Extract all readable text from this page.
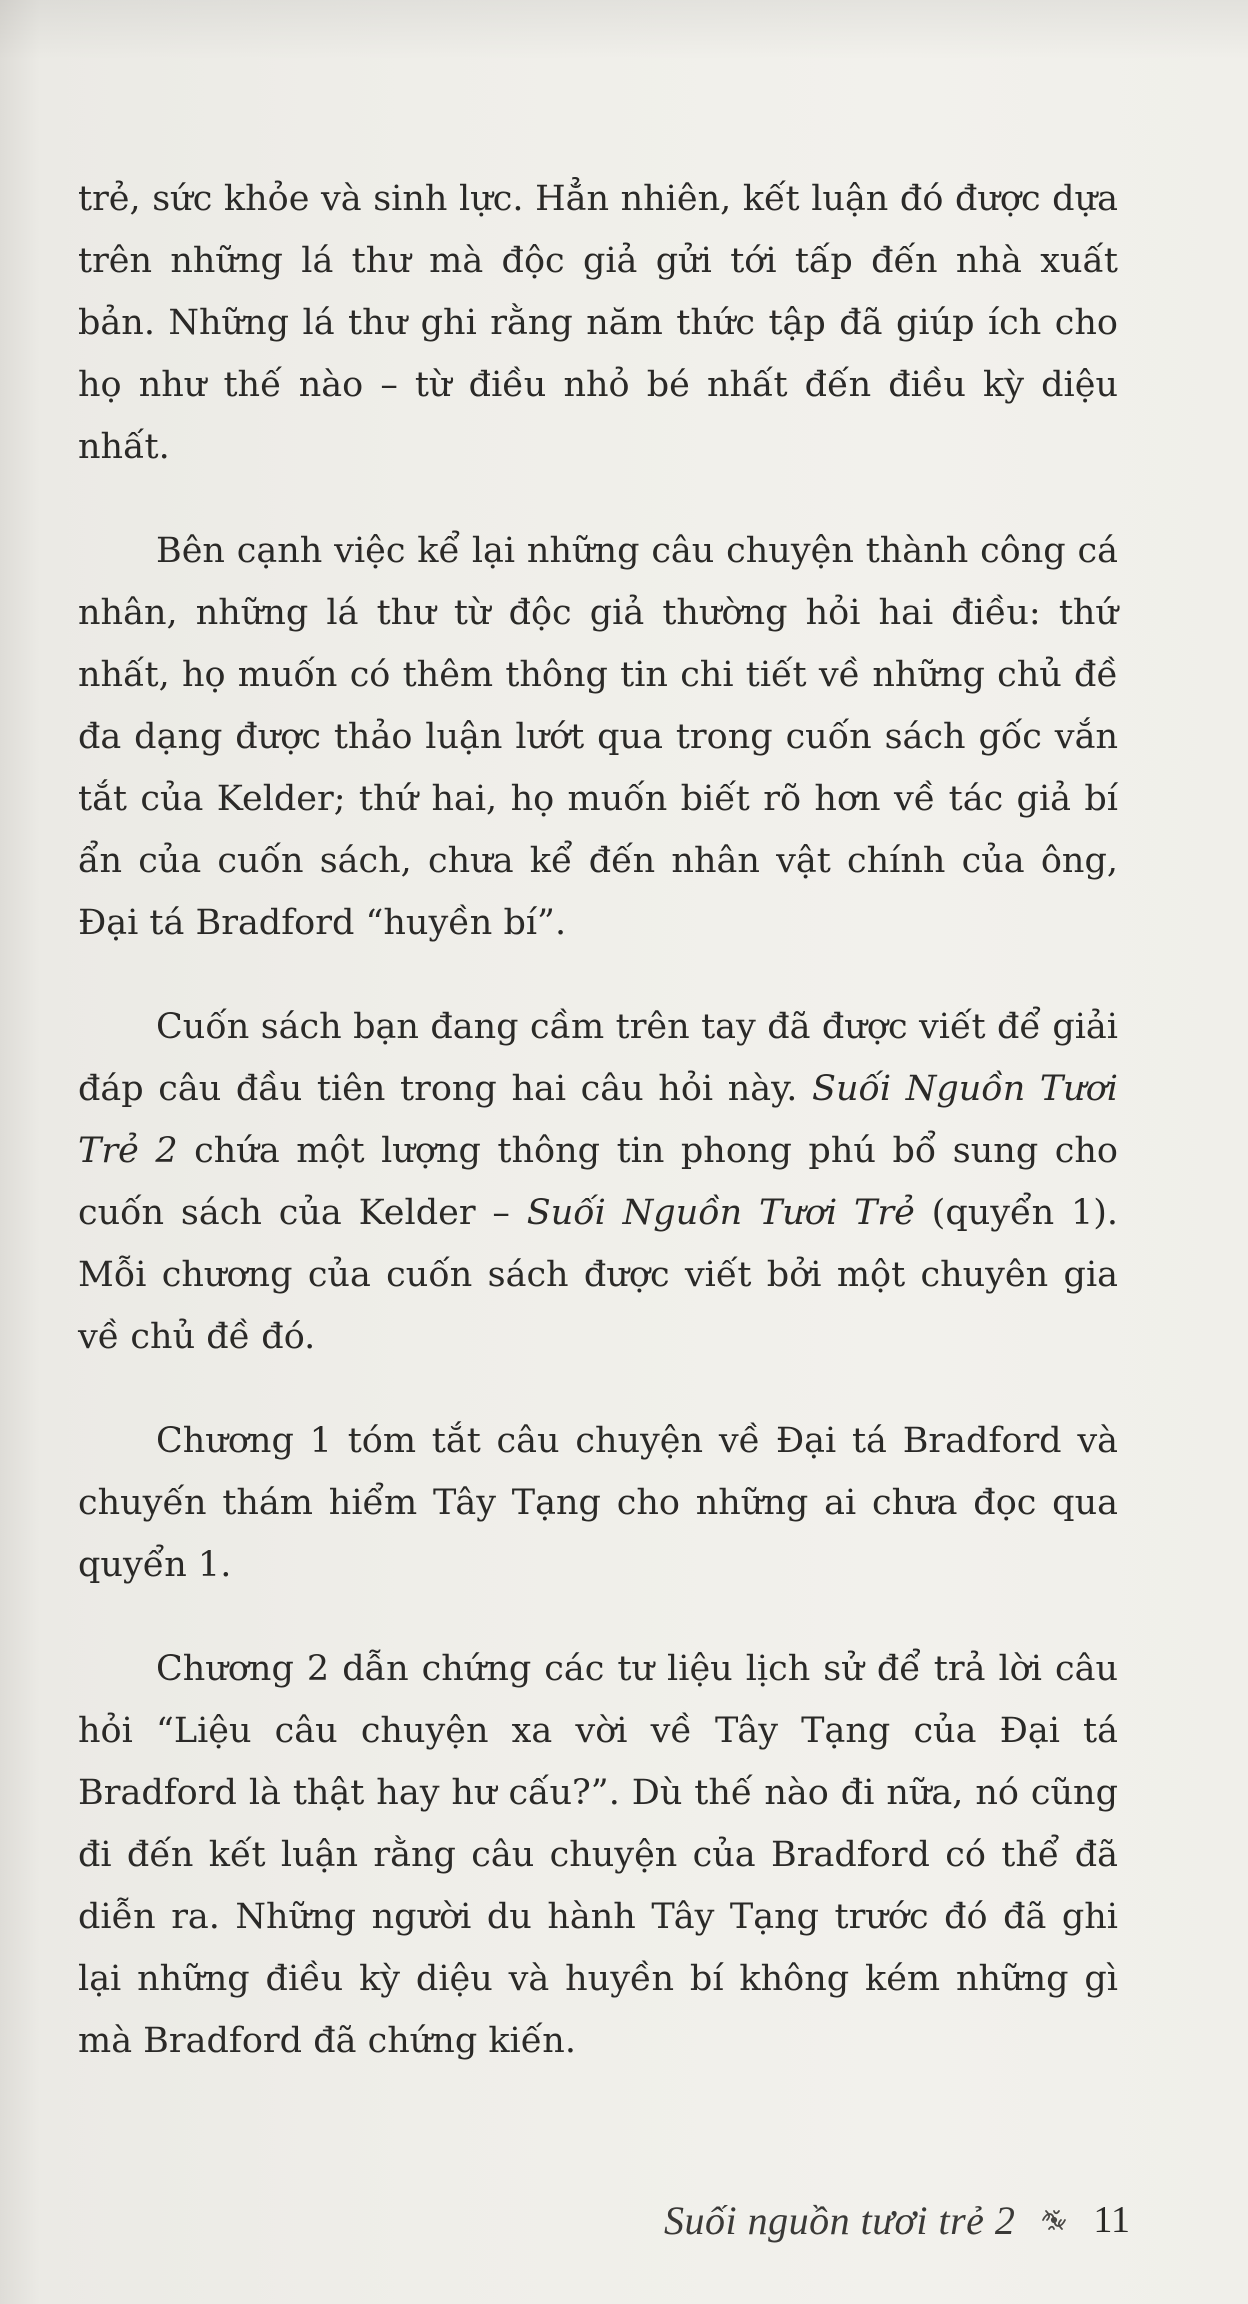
trẻ, sức khỏe và sinh lực. Hẳn nhiên, kết luận đó được dựa trên những lá thư mà độc giả gửi tới tấp đến nhà xuất bản. Những lá thư ghi rằng năm thức tập đã giúp ích cho họ như thế nào – từ điều nhỏ bé nhất đến điều kỳ diệu nhất.

Bên cạnh việc kể lại những câu chuyện thành công cá nhân, những lá thư từ độc giả thường hỏi hai điều: thứ nhất, họ muốn có thêm thông tin chi tiết về những chủ đề đa dạng được thảo luận lướt qua trong cuốn sách gốc vắn tắt của Kelder; thứ hai, họ muốn biết rõ hơn về tác giả bí ẩn của cuốn sách, chưa kể đến nhân vật chính của ông, Đại tá Bradford “huyền bí”.

Cuốn sách bạn đang cầm trên tay đã được viết để giải đáp câu đầu tiên trong hai câu hỏi này. Suối Nguồn Tươi Trẻ 2 chứa một lượng thông tin phong phú bổ sung cho cuốn sách của Kelder – Suối Nguồn Tươi Trẻ (quyển 1). Mỗi chương của cuốn sách được viết bởi một chuyên gia về chủ đề đó.

Chương 1 tóm tắt câu chuyện về Đại tá Bradford và chuyến thám hiểm Tây Tạng cho những ai chưa đọc qua quyển 1.

Chương 2 dẫn chứng các tư liệu lịch sử để trả lời câu hỏi “Liệu câu chuyện xa vời về Tây Tạng của Đại tá Bradford là thật hay hư cấu?”. Dù thế nào đi nữa, nó cũng đi đến kết luận rằng câu chuyện của Bradford có thể đã diễn ra. Những người du hành Tây Tạng trước đó đã ghi lại những điều kỳ diệu và huyền bí không kém những gì mà Bradford đã chứng kiến.

Suối nguồn tươi trẻ 2 11
